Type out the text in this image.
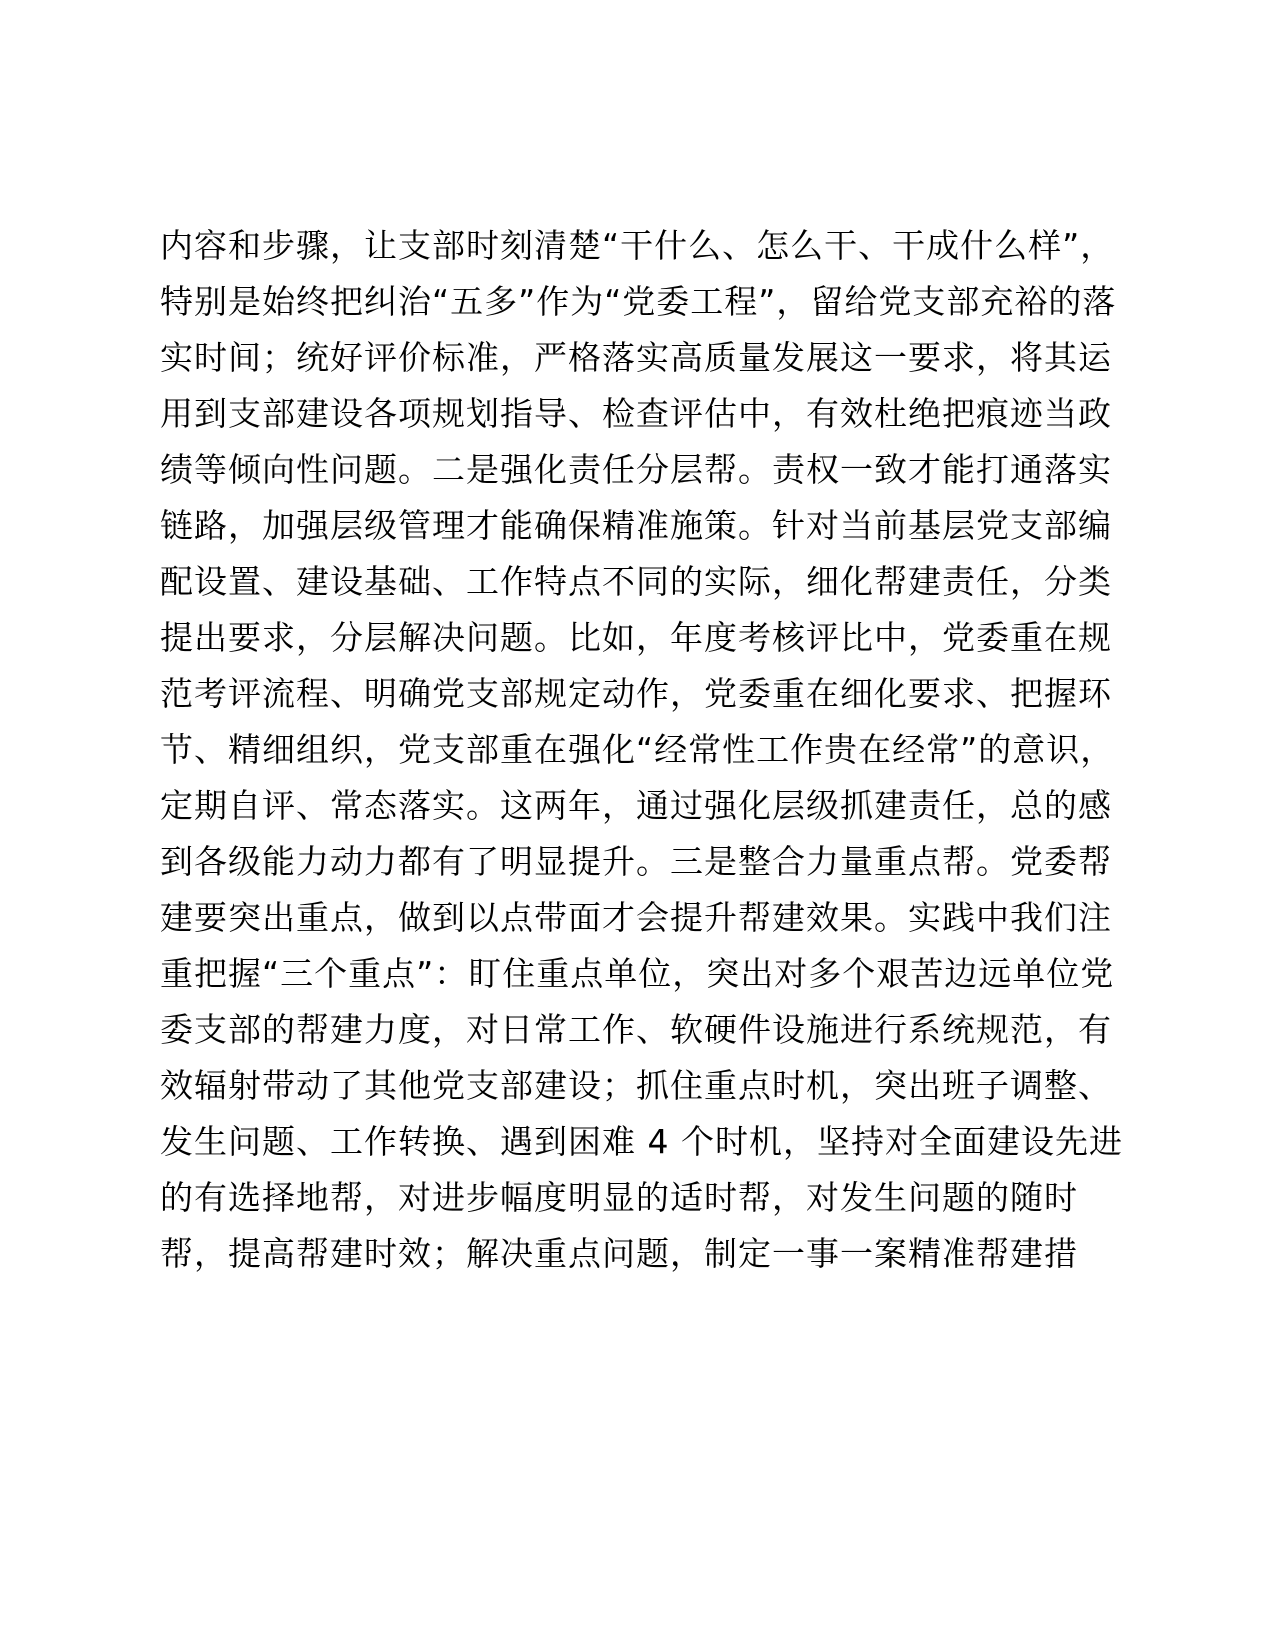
内容和步骤，让支部时刻清楚“干什么、怎么干、干成什么样”，
特别是始终把纠治“五多”作为“党委工程”，留给党支部充裕的落
实时间；统好评价标准，严格落实高质量发展这一要求，将其运
用到支部建设各项规划指导、检查评估中，有效杜绝把痕迹当政
绩等倾向性问题。二是强化责任分层帮。责权一致才能打通落实
链路，加强层级管理才能确保精准施策。针对当前基层党支部编
配设置、建设基础、工作特点不同的实际，细化帮建责任，分类
提出要求，分层解决问题。比如，年度考核评比中，党委重在规
范考评流程、明确党支部规定动作，党委重在细化要求、把握环
节、精细组织，党支部重在强化“经常性工作贵在经常”的意识，
定期自评、常态落实。这两年，通过强化层级抓建责任，总的感
到各级能力动力都有了明显提升。三是整合力量重点帮。党委帮
建要突出重点，做到以点带面才会提升帮建效果。实践中我们注
重把握“三个重点”：盯住重点单位，突出对多个艰苦边远单位党
委支部的帮建力度，对日常工作、软硬件设施进行系统规范，有
效辐射带动了其他党支部建设；抓住重点时机，突出班子调整、
发生问题、工作转换、遇到困难 4 个时机，坚持对全面建设先进
的有选择地帮，对进步幅度明显的适时帮，对发生问题的随时
帮，提高帮建时效；解决重点问题，制定一事一案精准帮建措
